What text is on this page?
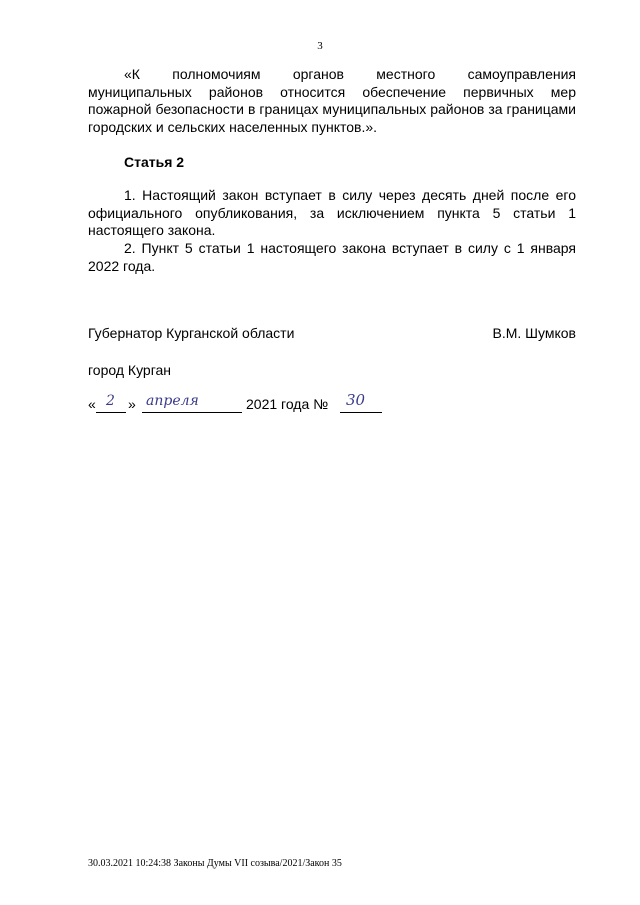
3
«К полномочиям органов местного самоуправления
муниципальных районов относится обеспечение первичных мер пожарной безопасности в границах муниципальных районов за границами городских и сельских населенных пунктов.».
Статья 2
1. Настоящий закон вступает в силу через десять дней после его официального опубликования, за исключением пункта 5 статьи 1 настоящего закона.
2. Пункт 5 статьи 1 настоящего закона вступает в силу с 1 января 2022 года.
Губернатор Курганской области	В.М. Шумков
город Курган
« 2 » апреля	2021 года № 30
30.03.2021 10:24:38 Законы Думы VII созыва/2021/Закон 35
